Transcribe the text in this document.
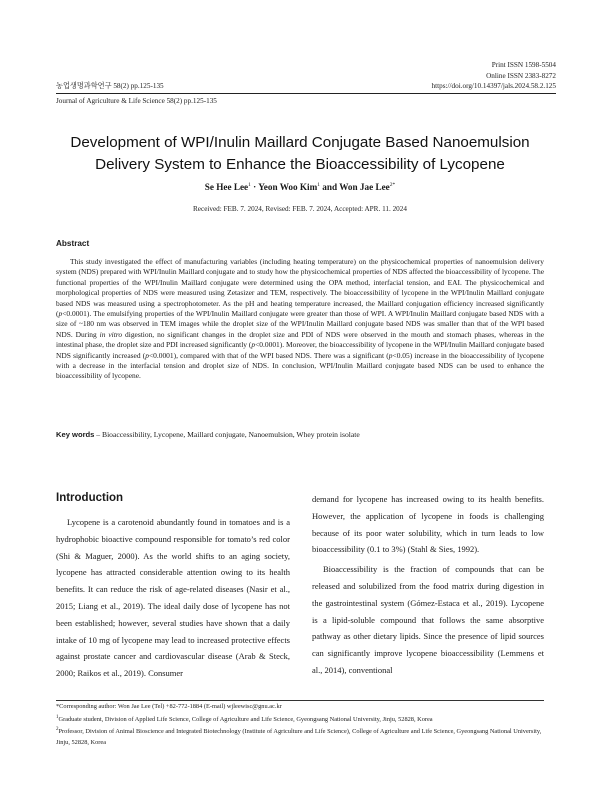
Print ISSN 1598-5504
Online ISSN 2383-8272
https://doi.org/10.14397/jals.2024.58.2.125
농업생명과학연구 58(2) pp.125-135
Journal of Agriculture & Life Science 58(2) pp.125-135
Development of WPI/Inulin Maillard Conjugate Based Nanoemulsion
Delivery System to Enhance the Bioaccessibility of Lycopene
Se Hee Lee$^1$ · Yeon Woo Kim$^1$ and Won Jae Lee$^{2*}$
Received: FEB. 7. 2024, Revised: FEB. 7. 2024, Accepted: APR. 11. 2024
Abstract

This study investigated the effect of manufacturing variables (including heating temperature) on the physicochemical properties of nanoemulsion delivery system (NDS) prepared with WPI/Inulin Maillard conjugate and to study how the physicochemical properties of NDS affected the bioaccessibility of lycopene. The functional properties of the WPI/Inulin Maillard conjugate were determined using the OPA method, interfacial tension, and EAI. The physicochemical and morphological properties of NDS were measured using Zetasizer and TEM, respectively. The bioaccessibility of lycopene in the WPI/Inulin Maillard conjugate based NDS was measured using a spectrophotometer. As the pH and heating temperature increased, the Maillard conjugation efficiency increased significantly (p<0.0001). The emulsifying properties of the WPI/Inulin Maillard conjugate were greater than those of WPI. A WPI/Inulin Maillard conjugate based NDS with a size of ~180 nm was observed in TEM images while the droplet size of the WPI/Inulin Maillard conjugate based NDS was smaller than that of the WPI based NDS. During in vitro digestion, no significant changes in the droplet size and PDI of NDS were observed in the mouth and stomach phases, whereas in the intestinal phase, the droplet size and PDI increased significantly (p<0.0001). Moreover, the bioaccessibility of lycopene in the WPI/Inulin Maillard conjugate based NDS significantly increased (p<0.0001), compared with that of the WPI based NDS. There was a significant (p<0.05) increase in the bioaccessibility of lycopene with a decrease in the interfacial tension and droplet size of NDS. In conclusion, WPI/Inulin Maillard conjugate based NDS can be used to enhance the bioaccessibility of lycopene.

Key words – Bioaccessibility, Lycopene, Maillard conjugate, Nanoemulsion, Whey protein isolate
Introduction

Lycopene is a carotenoid abundantly found in tomatoes and is a hydrophobic bioactive compound responsible for tomato’s red color (Shi & Maguer, 2000). As the world shifts to an aging society, lycopene has attracted considerable attention owing to its health benefits. It can reduce the risk of age-related diseases (Nasir et al., 2015; Liang et al., 2019). The ideal daily dose of lycopene has not been established; however, several studies have shown that a daily intake of 10 mg of lycopene may lead to increased protective effects against prostate cancer and cardiovascular disease (Arab & Steck, 2000; Raikos et al., 2019). Consumer

demand for lycopene has increased owing to its health benefits. However, the application of lycopene in foods is challenging because of its poor water solubility, which in turn leads to low bioaccessibility (0.1 to 3%) (Stahl & Sies, 1992).

Bioaccessibility is the fraction of compounds that can be released and solubilized from the food matrix during digestion in the gastrointestinal system (Gómez-Estaca et al., 2019). Lycopene is a lipid-soluble compound that follows the same absorptive pathway as other dietary lipids. Since the presence of lipid sources can significantly improve lycopene bioaccessibility (Lemmens et al., 2014), conventional

*Corresponding author: Won Jae Lee (Tel) +82-772-1884 (E-mail) wjleewisc@gnu.ac.kr

$^1$Graduate student, Division of Applied Life Science, College of Agriculture and Life Science, Gyeongsang National University, Jinju, 52828, Korea

$^2$Professor, Division of Animal Bioscience and Integrated Biotechnology (Institute of Agriculture and Life Science), College of Agriculture and Life Science, Gyeongsang National University, Jinju, 52828, Korea
